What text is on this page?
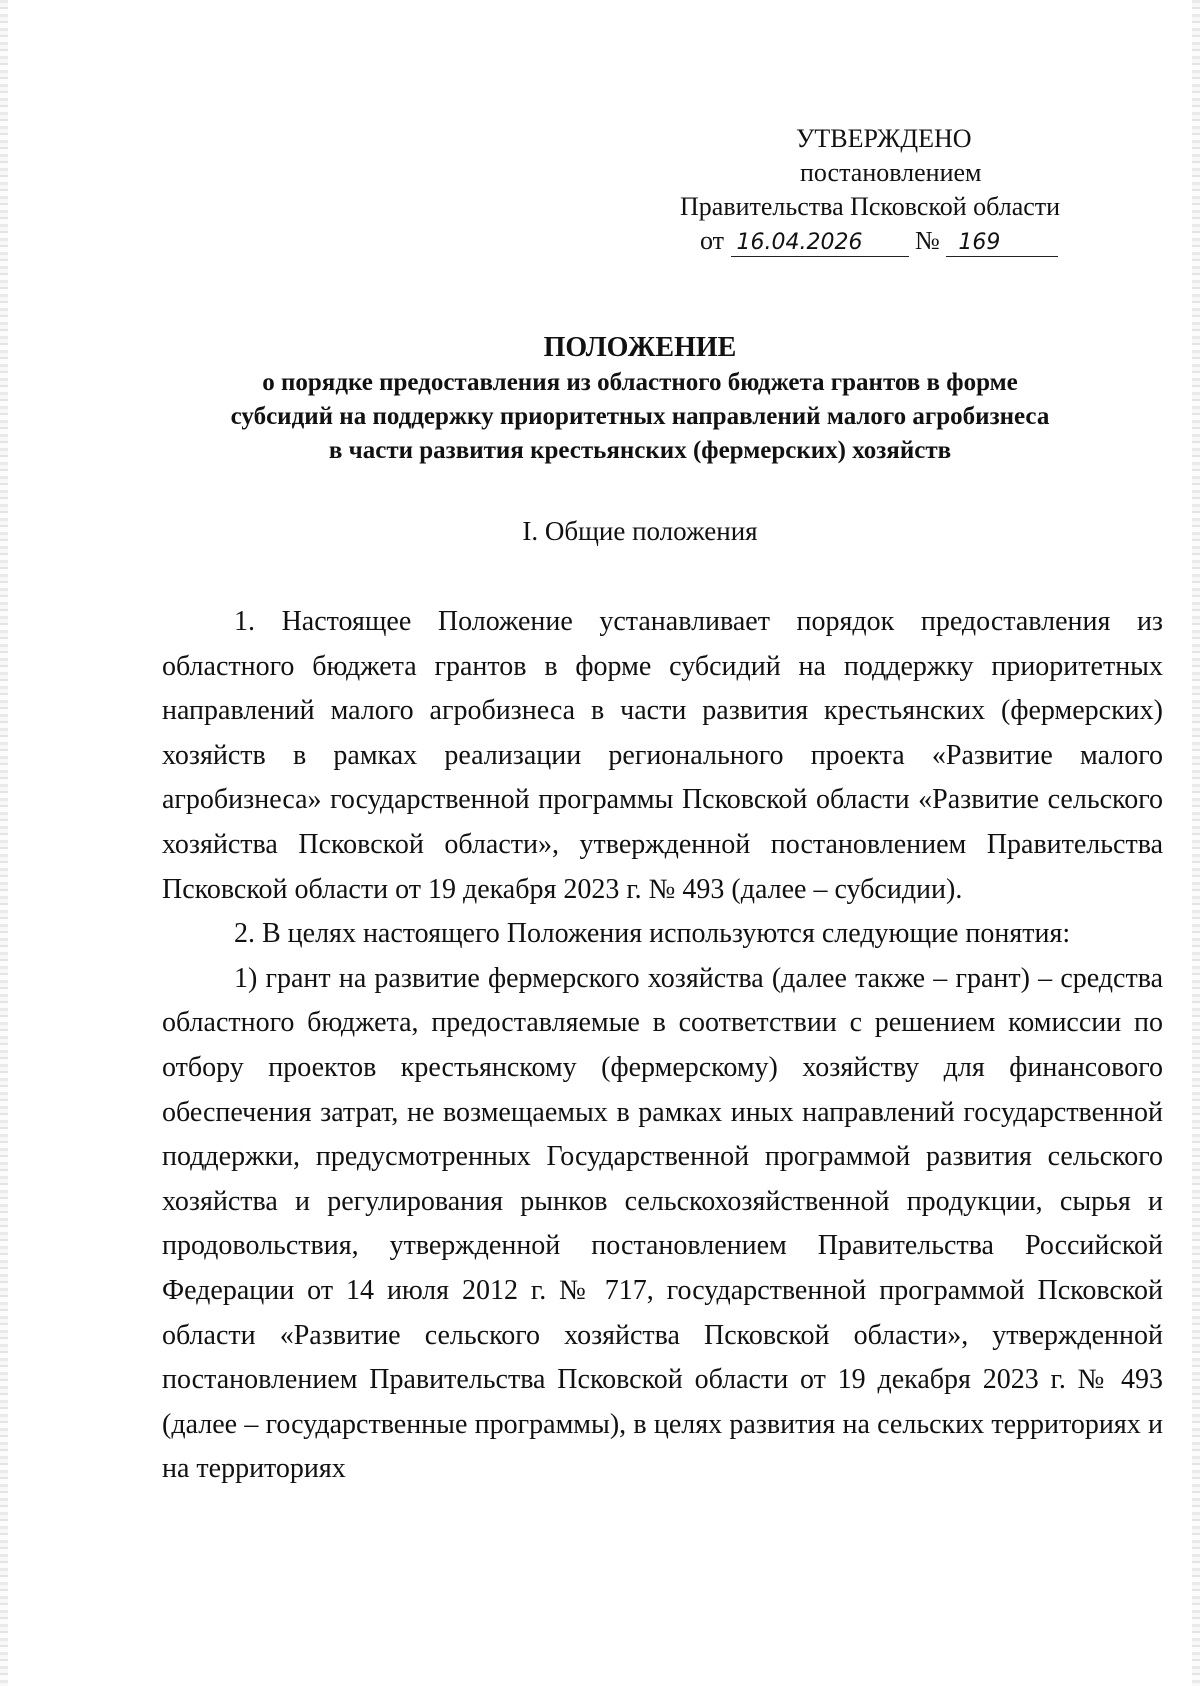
УТВЕРЖДЕНО
постановлением
Правительства Псковской области
от 16.04.2026 № 169
ПОЛОЖЕНИЕ
о порядке предоставления из областного бюджета грантов в форме
субсидий на поддержку приоритетных направлений малого агробизнеса
в части развития крестьянских (фермерских) хозяйств
I. Общие положения

1. Настоящее Положение устанавливает порядок предоставления из областного бюджета грантов в форме субсидий на поддержку приоритетных направлений малого агробизнеса в части развития крестьянских (фермерских) хозяйств в рамках реализации регионального проекта «Развитие малого агробизнеса» государственной программы Псковской области «Развитие сельского хозяйства Псковской области», утвержденной постановлением Правительства Псковской области от 19 декабря 2023 г. № 493 (далее – субсидии).

2. В целях настоящего Положения используются следующие понятия:

1) грант на развитие фермерского хозяйства (далее также – грант) – средства областного бюджета, предоставляемые в соответствии с решением комиссии по отбору проектов крестьянскому (фермерскому) хозяйству для финансового обеспечения затрат, не возмещаемых в рамках иных направлений государственной поддержки, предусмотренных Государственной программой развития сельского хозяйства и регулирования рынков сельскохозяйственной продукции, сырья и продовольствия, утвержденной постановлением Правительства Российской Федерации от 14 июля 2012 г. № 717, государственной программой Псковской области «Развитие сельского хозяйства Псковской области», утвержденной постановлением Правительства Псковской области от 19 декабря 2023 г. № 493 (далее – государственные программы), в целях развития на сельских территориях и на территориях
